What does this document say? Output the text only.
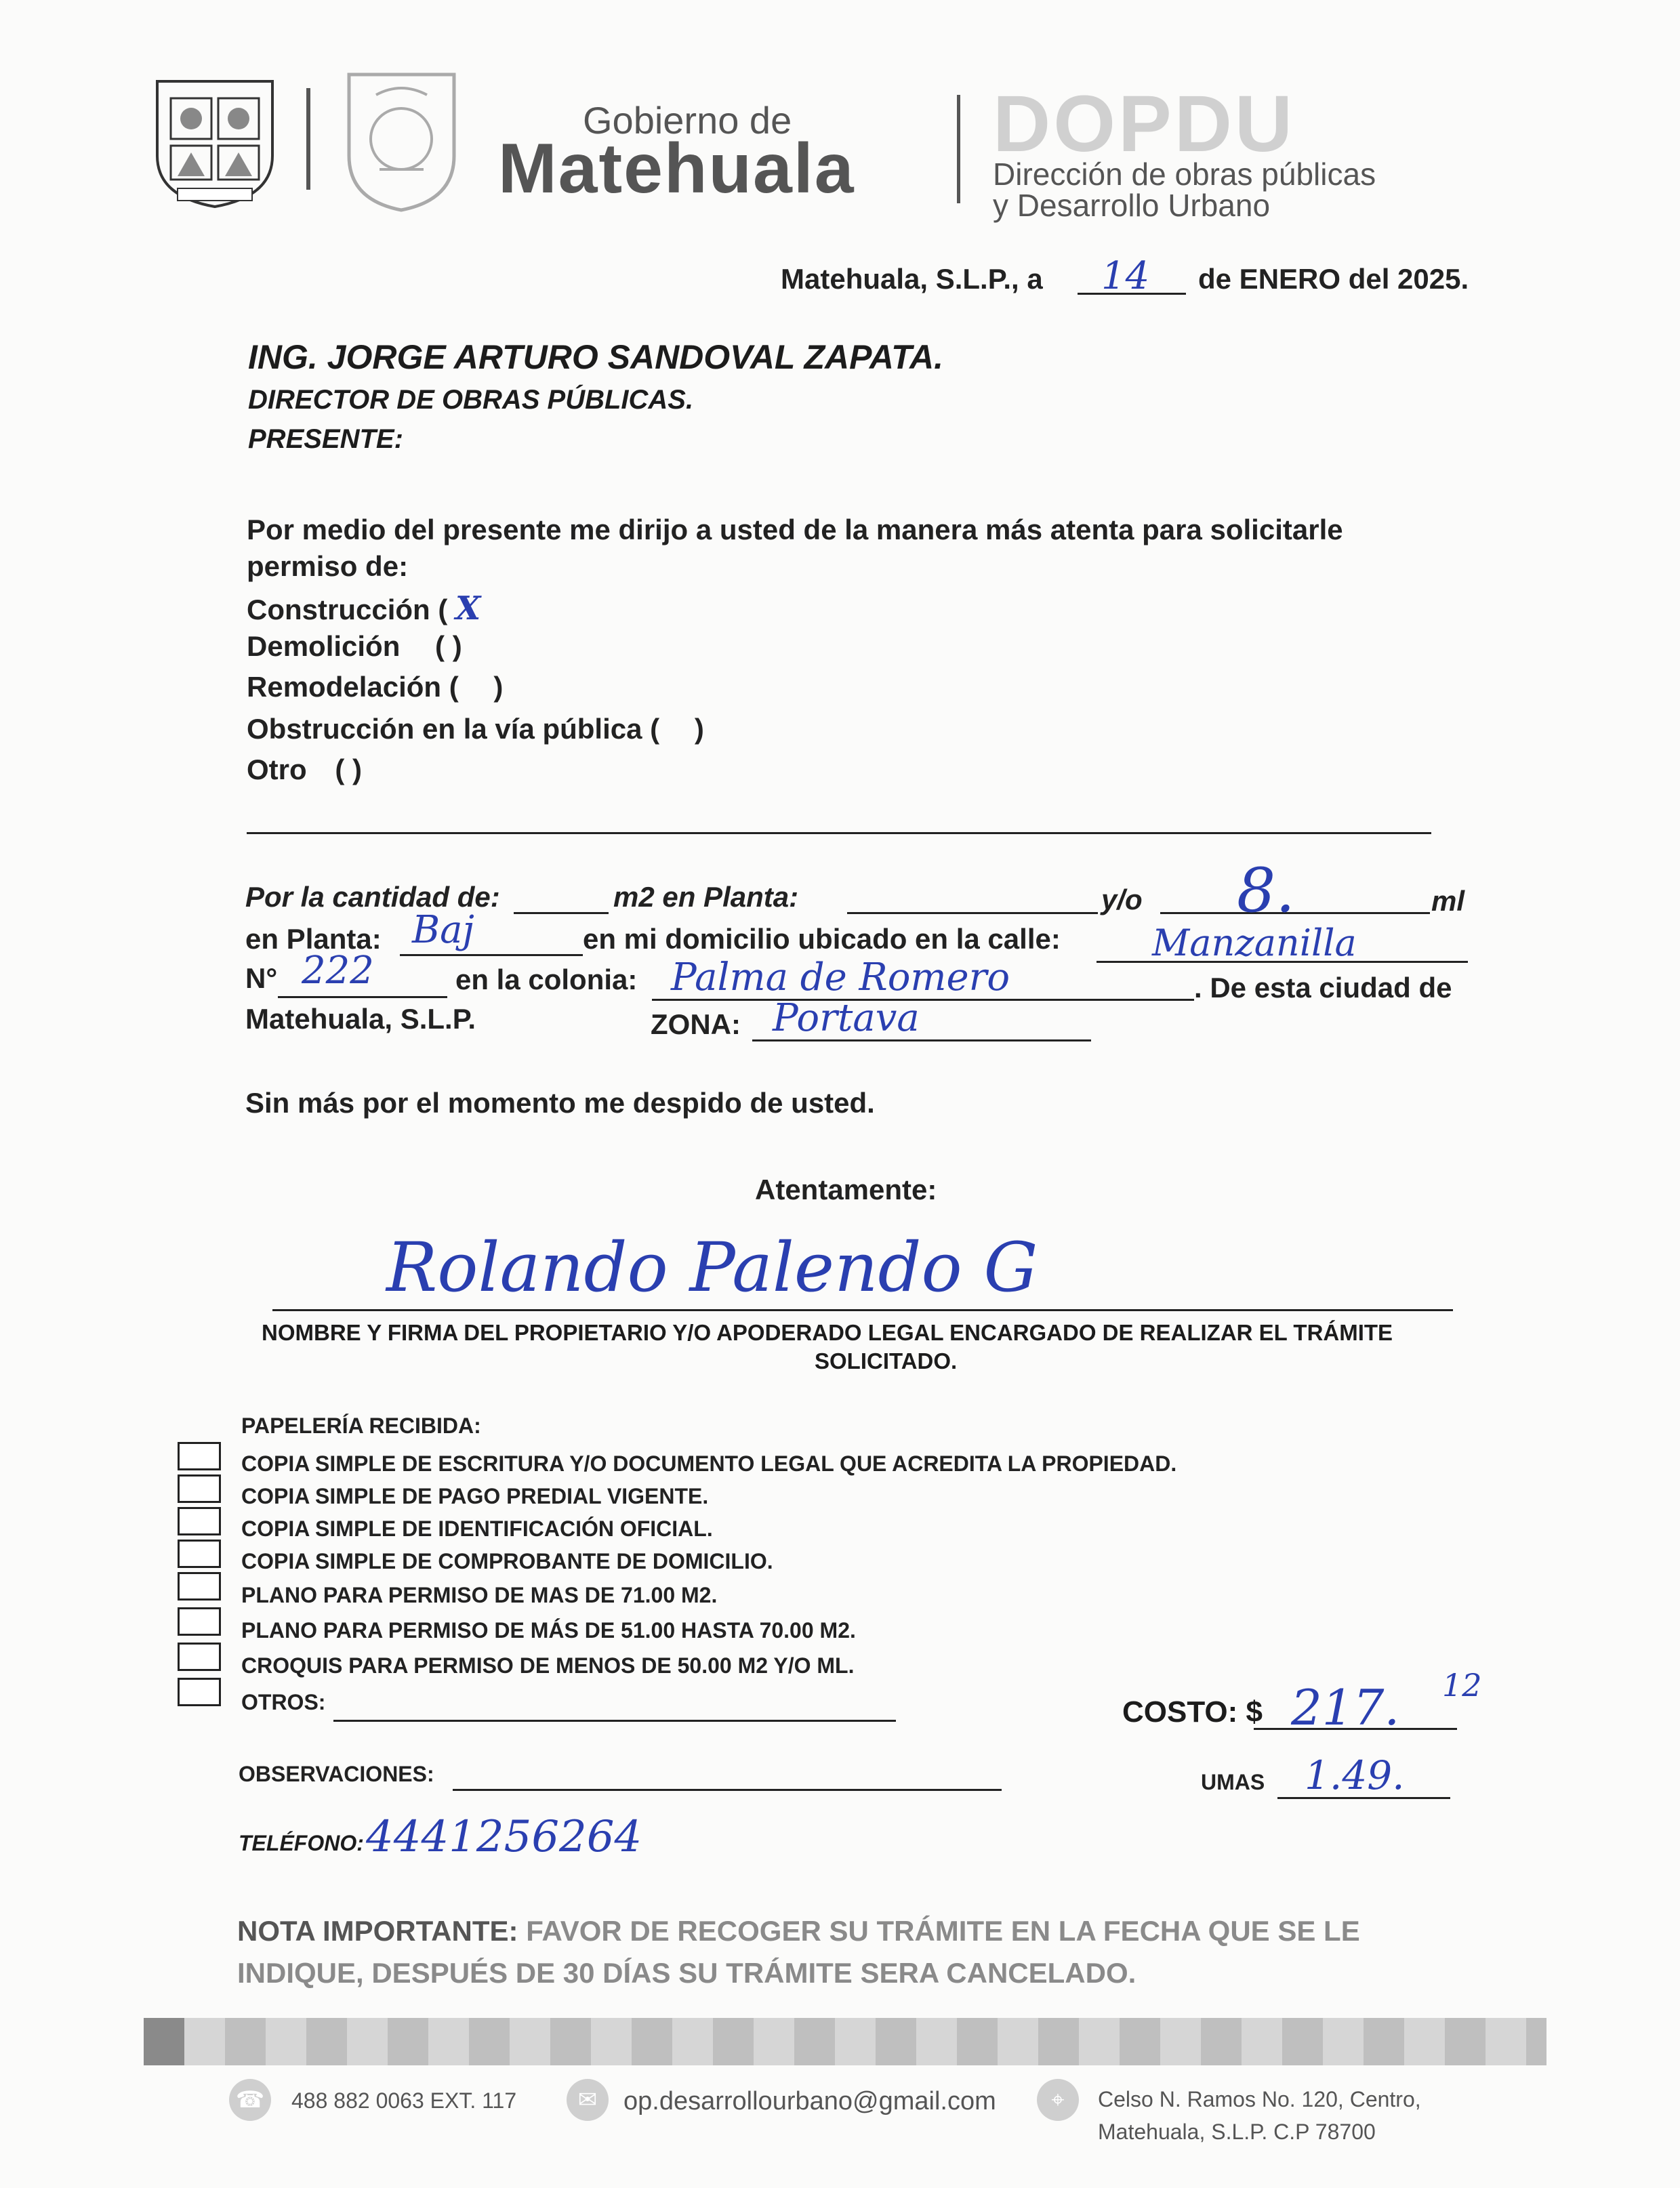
Gobierno de
Matehuala DOPDU
Dirección de obras públicas
y Desarrollo Urbano
Matehuala, S.L.P., a 14 de ENERO del 2025.
ING. JORGE ARTURO SANDOVAL ZAPATA.
DIRECTOR DE OBRAS PÚBLICAS.
PRESENTE:
Por medio del presente me dirijo a usted de la manera más atenta para solicitarle
permiso de:
Construcción ( X
Demolición ( )
Remodelación ( )
Obstrucción en la vía pública ( )
Otro ( )
Por la cantidad de:	m2 en Planta:	y/o 8.	ml
en Planta: Baj	en mi domicilio ubicado en la calle:	Manzanilla
N° 222	en la colonia: Palma de Romero	. De esta ciudad de
Matehuala, S.L.P.	ZONA: Portava
Sin más por el momento me despido de usted.
Atentamente:
Rolando Palendo G
NOMBRE Y FIRMA DEL PROPIETARIO Y/O APODERADO LEGAL ENCARGADO DE REALIZAR EL TRÁMITE
SOLICITADO.
PAPELERÍA RECIBIDA:
COPIA SIMPLE DE ESCRITURA Y/O DOCUMENTO LEGAL QUE ACREDITA LA PROPIEDAD.
COPIA SIMPLE DE PAGO PREDIAL VIGENTE.
COPIA SIMPLE DE IDENTIFICACIÓN OFICIAL.
COPIA SIMPLE DE COMPROBANTE DE DOMICILIO.
PLANO PARA PERMISO DE MAS DE 71.00 M2.
PLANO PARA PERMISO DE MÁS DE 51.00 HASTA 70.00 M2.
CROQUIS PARA PERMISO DE MENOS DE 50.00 M2 Y/O ML.
OTROS:	COSTO: $ 217. 12
OBSERVACIONES:	UMAS 1.49.
TELÉFONO: 4441256264
NOTA IMPORTANTE: FAVOR DE RECOGER SU TRÁMITE EN LA FECHA QUE SE LE
INDIQUE, DESPUÉS DE 30 DÍAS SU TRÁMITE SERA CANCELADO.
☎	488 882 0063 EXT. 117	✉	op.desarrollourbano@gmail.com	⌖	Celso N. Ramos No. 120, Centro,
Matehuala, S.L.P. C.P 78700
